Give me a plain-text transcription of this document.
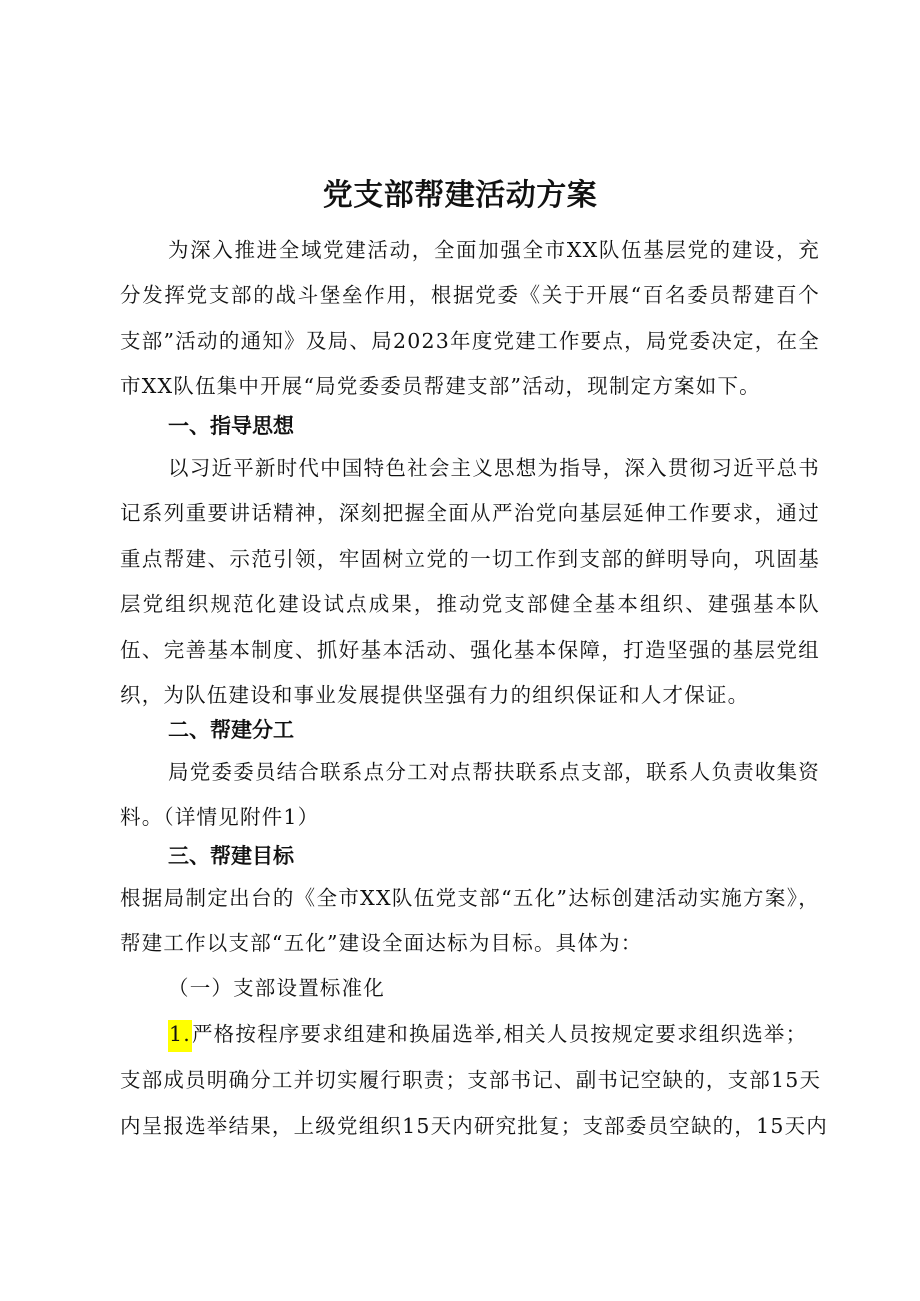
党支部帮建活动方案

为深入推进全域党建活动，全面加强全市XX队伍基层党的建设，充分发挥党支部的战斗堡垒作用，根据党委《关于开展“百名委员帮建百个支部”活动的通知》及局、局2023年度党建工作要点，局党委决定，在全市XX队伍集中开展“局党委委员帮建支部”活动，现制定方案如下。

一、指导思想

以习近平新时代中国特色社会主义思想为指导，深入贯彻习近平总书记系列重要讲话精神，深刻把握全面从严治党向基层延伸工作要求，通过重点帮建、示范引领，牢固树立党的一切工作到支部的鲜明导向，巩固基层党组织规范化建设试点成果，推动党支部健全基本组织、建强基本队伍、完善基本制度、抓好基本活动、强化基本保障，打造坚强的基层党组织，为队伍建设和事业发展提供坚强有力的组织保证和人才保证。

二、帮建分工

局党委委员结合联系点分工对点帮扶联系点支部，联系人负责收集资料。（详情见附件1）

三、帮建目标

根据局制定出台的《全市XX队伍党支部“五化”达标创建活动实施方案》，帮建工作以支部“五化”建设全面达标为目标。具体为：

（一）支部设置标准化
1.严格按程序要求组建和换届选举,相关人员按规定要求组织选举；
支部成员明确分工并切实履行职责；支部书记、副书记空缺的，支部15天
内呈报选举结果，上级党组织15天内研究批复；支部委员空缺的，15天内
